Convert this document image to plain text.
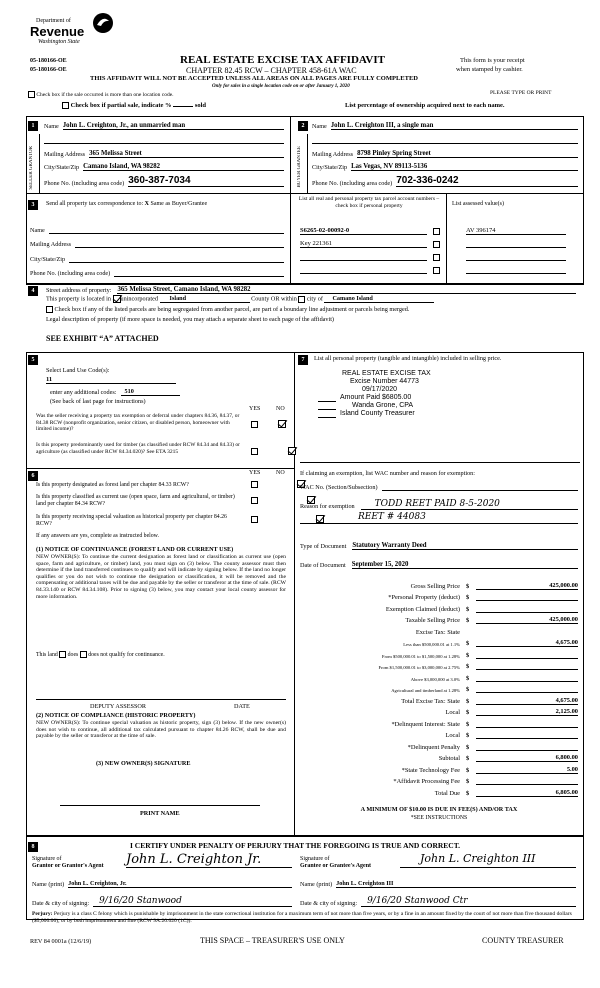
Department of
Revenue
Washington State
05-180166-OE
05-180166-OE
REAL ESTATE EXCISE TAX AFFIDAVIT
CHAPTER 82.45 RCW – CHAPTER 458-61A WAC
THIS AFFIDAVIT WILL NOT BE ACCEPTED UNLESS ALL AREAS ON ALL PAGES ARE FULLY COMPLETED
Only for sales in a single location code on or after January 1, 2020
This form is your receipt
when stamped by cashier.
PLEASE TYPE OR PRINT
Check box if the sale occurred is more than one location code.
Check box if partial sale, indicate %	sold	List percentage of ownership acquired next to each name.
1
SELLER GRANTOR
Name John L. Creighton, Jr., an unmarried man
Mailing Address 365 Melissa Street
City/State/Zip Camano Island, WA 98282
Phone No. (including area code) 360-387-7034
2
BUYER GRANTEE
Name John L. Creighton III, a single man
Mailing Address 8798 Pinley Spring Street
City/State/Zip Las Vegas, NV 89113-5136
Phone No. (including area code) 702-336-0242
3	Send all property tax correspondence to: X Same as Buyer/Grantee
Name
Mailing Address
City/State/Zip
Phone No. (including area code)
List all real and personal property tax parcel account numbers – check box if personal property	List assessed value(s)
S6265-02-00092-0
Key 221361
AV 396174
4	Street address of property: 365 Melissa Street, Camano Island, WA 98282
This property is located in unincorporated Island	County OR within city of Camano Island
Check box if any of the listed parcels are being segregated from another parcel, are part of a boundary line adjustment or parcels being merged.
Legal description of property (if more space is needed, you may attach a separate sheet to each page of the affidavit)
SEE EXHIBIT “A” ATTACHED
5
Select Land Use Code(s):
11
enter any additional codes:	510
(See back of last page for instructions)
YES	NO
Was the seller receiving a property tax exemption or deferral under chapters 84.36, 84.37, or 84.38 RCW (nonprofit organization, senior citizen, or disabled person, homeowner with limited income)?

Is this property predominantly used for timber (as classified under RCW 84.34 and 84.33) or agriculture (as classified under RCW 84.34.020)? See ETA 3215

6	YES	NO
Is this property designated as forest land per chapter 84.33 RCW?

Is this property classified as current use (open space, farm and agricultural, or timber) land per chapter 84.34 RCW?

Is this property receiving special valuation as historical property per chapter 84.26 RCW?
If any answers are yes, complete as instructed below.
(1) NOTICE OF CONTINUANCE (FOREST LAND OR CURRENT USE)
NEW OWNER(S): To continue the current designation as forest land or classification as current use (open space, farm and agriculture, or timber) land, you must sign on (3) below. The county assessor must then determine if the land transferred continues to qualify and will indicate by signing below. If the land no longer qualifies or you do not wish to continue the designation or classification, it will be removed and the compensating or additional taxes will be due and payable by the seller or transferor at the time of sale. (RCW 84.33.140 or RCW 84.34.108). Prior to signing (3) below, you may contact your local county assessor for more information.
This land does does not qualify for continuance.
DEPUTY ASSESSOR	DATE
(2) NOTICE OF COMPLIANCE (HISTORIC PROPERTY)
NEW OWNER(S): To continue special valuation as historic property, sign (3) below. If the new owner(s) does not wish to continue, all additional tax calculated pursuant to chapter 84.26 RCW, shall be due and payable by the seller or transferor at the time of sale.
(3) NEW OWNER(S) SIGNATURE
PRINT NAME
7	List all personal property (tangible and intangible) included in selling price.
REAL ESTATE EXCISE TAX
Excise Number 44773
09/17/2020
Amount Paid $6805.00
Wanda Grone, CPA
Island County Treasurer
If claiming an exemption, list WAC number and reason for exemption:
WAC No. (Section/Subsection)
Reason for exemption	TODD REET PAID 8-5-2020
REET # 44083
Type of Document Statutory Warranty Deed
Date of Document September 15, 2020
Gross Selling Price $	425,000.00
*Personal Property (deduct) $
Exemption Claimed (deduct) $
Taxable Selling Price $	425,000.00
Excise Tax: State
Less than $500,000.01 at 1.1% $	4,675.00
From $500,000.01 to $1,500,000 at 1.28% $
From $1,500,000.01 to $3,000,000 at 2.75% $
Above $3,000,000 at 3.0% $
Agricultural and timberland at 1.28% $
Total Excise Tax: State $	4,675.00
Local $	2,125.00
*Delinquent Interest: State $
Local $
*Delinquent Penalty $
Subtotal $	6,800.00
*State Technology Fee $	5.00
*Affidavit Processing Fee $
Total Due $	6,805.00
A MINIMUM OF $10.00 IS DUE IN FEE(S) AND/OR TAX
*SEE INSTRUCTIONS
8	I CERTIFY UNDER PENALTY OF PERJURY THAT THE FOREGOING IS TRUE AND CORRECT.
Signature of
Grantor or Grantor's Agent John L. Creighton Jr.	Signature of
Grantee or Grantee's Agent
John L. Creighton III
Name (print) John L. Creighton, Jr.	Name (print) John L. Creighton III
Date & city of signing:	9/16/20 Stanwood	Date & city of signing:	9/16/20 Stanwood Ctr
Perjury: Perjury is a class C felony which is punishable by imprisonment in the state correctional institution for a maximum term of not more than five years, or by a fine in an amount fixed by the court of not more than five thousand dollars ($5,000.00), or by both imprisonment and fine (RCW 9A.20.020 (1C)).
REV 84 0001a (12/6/19)	THIS SPACE – TREASURER'S USE ONLY	COUNTY TREASURER
